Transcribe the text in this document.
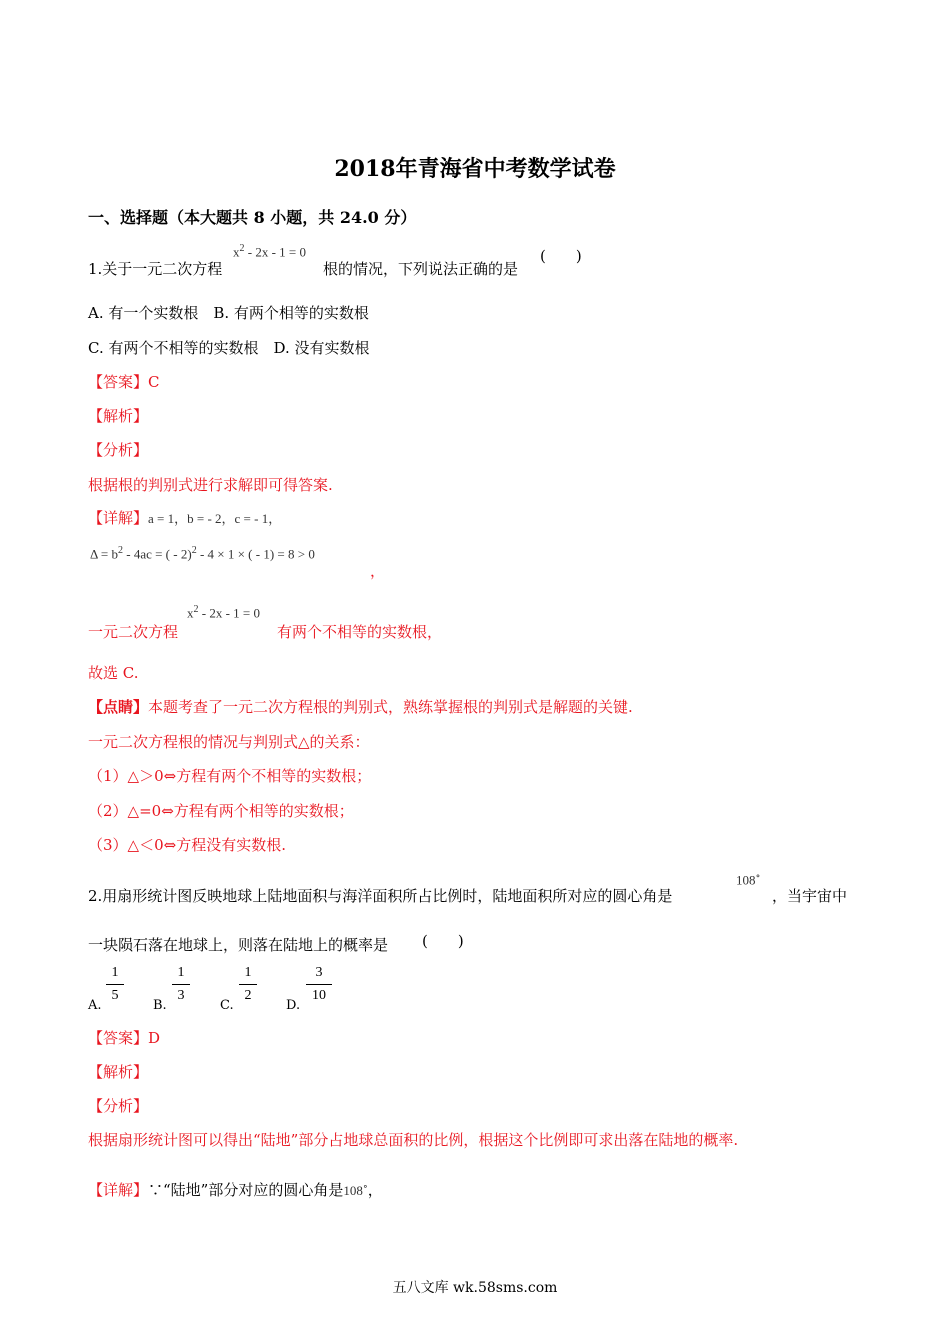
2018年青海省中考数学试卷
一、选择题（本大题共 8 小题，共 24.0 分）
1.关于一元二次方程
$x^2 - 2x - 1 = 0$
根的情况，下列说法正确的是
(　　)
A. 有一个实数根　B. 有两个相等的实数根
C. 有两个不相等的实数根　D. 没有实数根
【答案】C
【解析】
【分析】
根据根的判别式进行求解即可得答案.
【详解】a = 1，b = - 2，c = - 1，
$\Delta = b^2 - 4ac$ = ( - 2)$^2$ - 4 × 1 × ( - 1) = 8 > 0
，
一元二次方程
$x^2 - 2x - 1 = 0$
有两个不相等的实数根，
故选 C.
【点睛】本题考查了一元二次方程根的判别式，熟练掌握根的判别式是解题的关键.
一元二次方程根的情况与判别式△的关系：
（1）△＞0⇔方程有两个不相等的实数根；
（2）△=0⇔方程有两个相等的实数根；
（3）△＜0⇔方程没有实数根.
2.用扇形统计图反映地球上陆地面积与海洋面积所占比例时，陆地面积所对应的圆心角是
108∘
，当宇宙中
一块陨石落在地球上，则落在陆地上的概率是 (　　)
A.
1
5
B.
1
3
C.
1
2
D.
3
10
【答案】D
【解析】
【分析】
根据扇形统计图可以得出“陆地”部分占地球总面积的比例，根据这个比例即可求出落在陆地的概率.
【详解】∵“陆地”部分对应的圆心角是108∘，
五八文库 wk.58sms.com
